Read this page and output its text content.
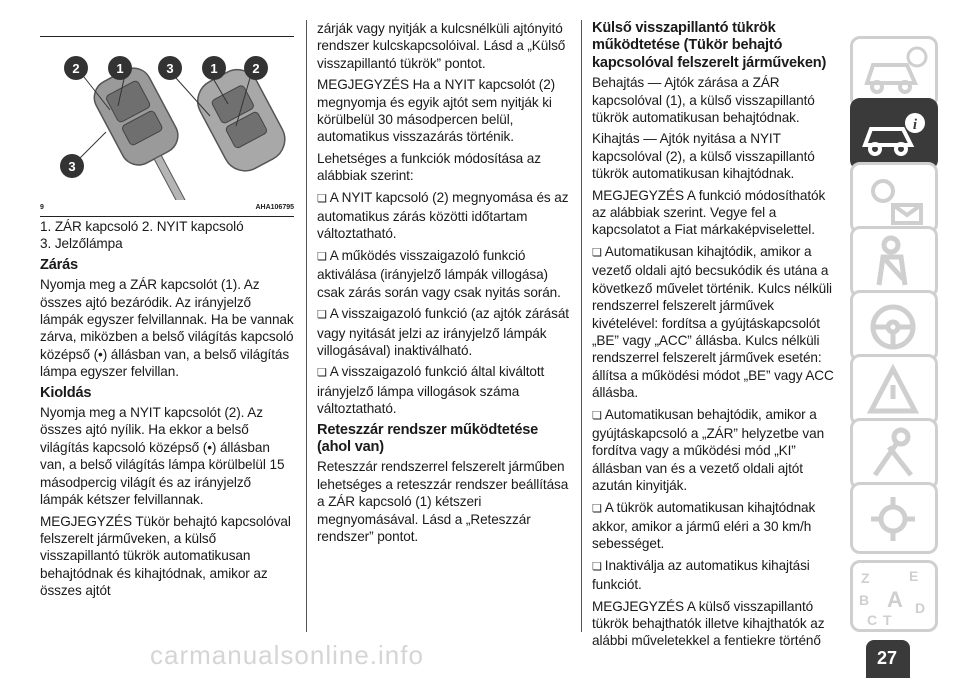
2	1
3
3	1	2
9	AHA106795

1. ZÁR kapcsoló 2. NYIT kapcsoló

3. Jelzőlámpa

Zárás

Nyomja meg a ZÁR kapcsolót (1). Az összes ajtó bezáródik. Az irányjelző lámpák egyszer felvillannak. Ha be vannak zárva, miközben a belső világítás kapcsoló középső (•) állásban van, a belső világítás lámpa egyszer felvillan.

Kioldás

Nyomja meg a NYIT kapcsolót (2). Az összes ajtó nyílik. Ha ekkor a belső világítás kapcsoló középső (•) állásban van, a belső világítás lámpa körülbelül 15 másodpercig világít és az irányjelző lámpák kétszer felvillannak.

MEGJEGYZÉS Tükör behajtó kapcsolóval felszerelt járműveken, a külső visszapillantó tükrök automatikusan behajtódnak és kihajtódnak, amikor az összes ajtót

zárják vagy nyitják a kulcsnélküli ajtónyitó rendszer kulcskapcsolóival. Lásd a „Külső visszapillantó tükrök” pontot.

MEGJEGYZÉS Ha a NYIT kapcsolót (2) megnyomja és egyik ajtót sem nyitják ki körülbelül 30 másodpercen belül, automatikus visszazárás történik.

Lehetséges a funkciók módosítása az alábbiak szerint:

❏ A NYIT kapcsoló (2) megnyomása és az automatikus zárás közötti időtartam változtatható.

❏ A működés visszaigazoló funkció aktiválása (irányjelző lámpák villogása) csak zárás során vagy csak nyitás során.

❏ A visszaigazoló funkció (az ajtók zárását vagy nyitását jelzi az irányjelző lámpák villogásával) inaktiválható.

❏ A visszaigazoló funkció által kiváltott irányjelző lámpa villogások száma változtatható.

Reteszzár rendszer működtetése (ahol van)

Reteszzár rendszerrel felszerelt járműben lehetséges a reteszzár rendszer beállítása a ZÁR kapcsoló (1) kétszeri megnyomásával. Lásd a „Reteszzár rendszer” pontot.

Külső visszapillantó tükrök működtetése (Tükör behajtó kapcsolóval felszerelt járműveken)

Behajtás — Ajtók zárása a ZÁR kapcsolóval (1), a külső visszapillantó tükrök automatikusan behajtódnak.

Kihajtás — Ajtók nyitása a NYIT kapcsolóval (2), a külső visszapillantó tükrök automatikusan kihajtódnak.

MEGJEGYZÉS A funkció módosíthatók az alábbiak szerint. Vegye fel a kapcsolatot a Fiat márkaképviselettel.

❏ Automatikusan kihajtódik, amikor a vezető oldali ajtó becsukódik és utána a következő művelet történik. Kulcs nélküli rendszerrel felszerelt járművek kivételével: fordítsa a gyújtáskapcsolót „BE” vagy „ACC” állásba. Kulcs nélküli rendszerrel felszerelt járművek esetén: állítsa a működési módot „BE” vagy ACC állásba.

❏ Automatikusan behajtódik, amikor a gyújtáskapcsoló a „ZÁR” helyzetbe van fordítva vagy a működési mód „KI” állásban van és a vezető oldali ajtót azután kinyitják.

❏ A tükrök automatikusan kihajtódnak akkor, amikor a jármű eléri a 30 km/h sebességet.

❏ Inaktiválja az automatikus kihajtási funkciót.

MEGJEGYZÉS A külső visszapillantó tükrök behajthatók illetve kihajthatók az alábbi műveletekkel a fentiekre történő

i
Z	E
B A
C T
D
27
carmanualsonline.info
